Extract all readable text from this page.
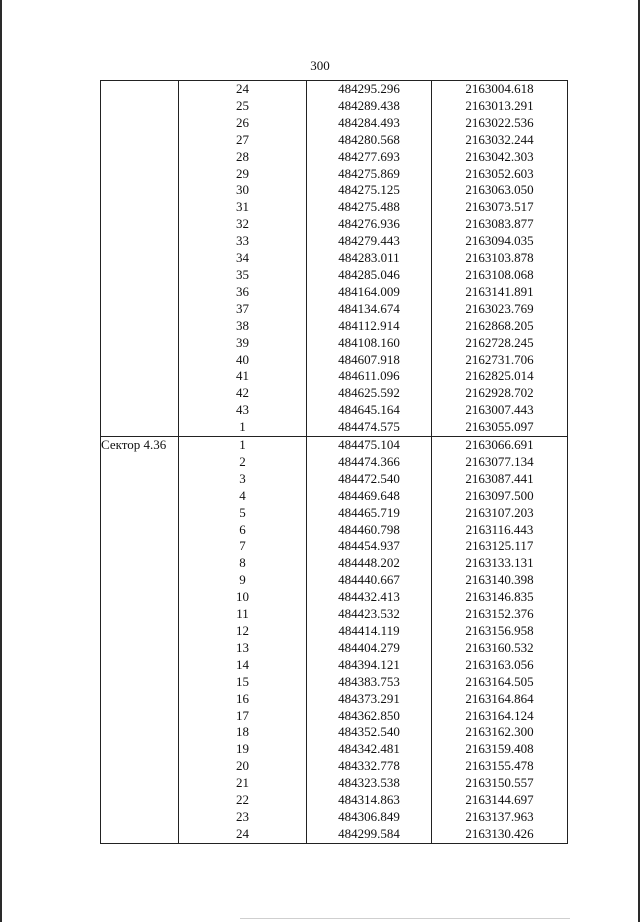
300
	24	484295.296	2163004.618
	25	484289.438	2163013.291
	26	484284.493	2163022.536
	27	484280.568	2163032.244
	28	484277.693	2163042.303
	29	484275.869	2163052.603
	30	484275.125	2163063.050
	31	484275.488	2163073.517
	32	484276.936	2163083.877
	33	484279.443	2163094.035
	34	484283.011	2163103.878
	35	484285.046	2163108.068
	36	484164.009	2163141.891
	37	484134.674	2163023.769
	38	484112.914	2162868.205
	39	484108.160	2162728.245
	40	484607.918	2162731.706
	41	484611.096	2162825.014
	42	484625.592	2162928.702
	43	484645.164	2163007.443
	1	484474.575	2163055.097
Сектор 4.36	1	484475.104	2163066.691
	2	484474.366	2163077.134
	3	484472.540	2163087.441
	4	484469.648	2163097.500
	5	484465.719	2163107.203
	6	484460.798	2163116.443
	7	484454.937	2163125.117
	8	484448.202	2163133.131
	9	484440.667	2163140.398
	10	484432.413	2163146.835
	11	484423.532	2163152.376
	12	484414.119	2163156.958
	13	484404.279	2163160.532
	14	484394.121	2163163.056
	15	484383.753	2163164.505
	16	484373.291	2163164.864
	17	484362.850	2163164.124
	18	484352.540	2163162.300
	19	484342.481	2163159.408
	20	484332.778	2163155.478
	21	484323.538	2163150.557
	22	484314.863	2163144.697
	23	484306.849	2163137.963
	24	484299.584	2163130.426
